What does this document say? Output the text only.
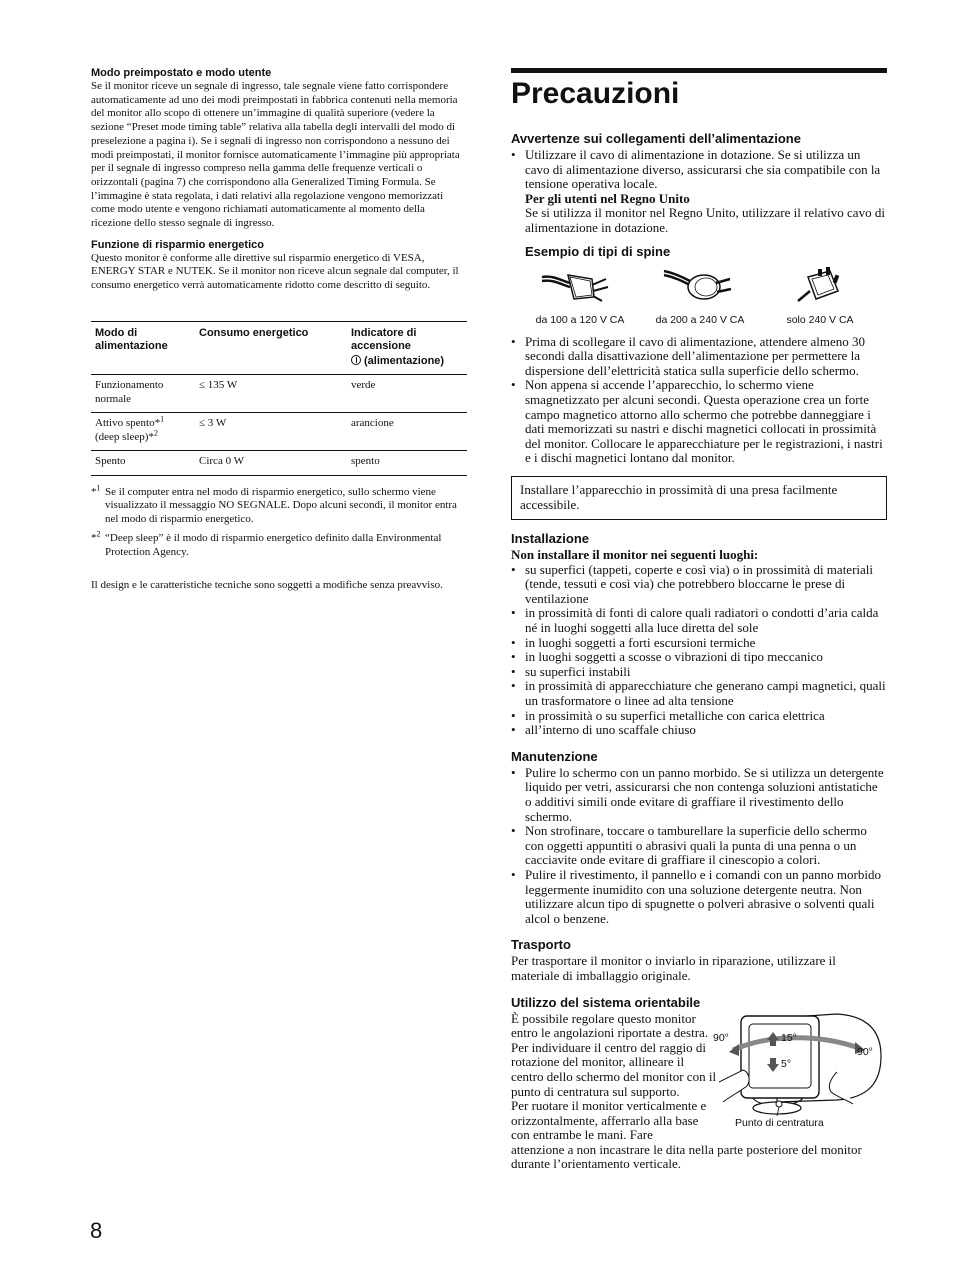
Modo preimpostato e modo utente

Se il monitor riceve un segnale di ingresso, tale segnale viene fatto corrispondere automaticamente ad uno dei modi preimpostati in fabbrica contenuti nella memoria del monitor allo scopo di ottenere un’immagine di qualità superiore (vedere la sezione “Preset mode timing table” relativa alla tabella degli intervalli del modo di preselezione a pagina i). Se i segnali di ingresso non corrispondono a nessuno dei modi preimpostati, il monitor fornisce automaticamente l’immagine più appropriata per il segnale di ingresso compreso nella gamma delle frequenze verticali o orizzontali (pagina 7) che corrispondono alla Generalized Timing Formula. Se l’immagine è stata regolata, i dati relativi alla regolazione vengono memorizzati come modo utente e vengono richiamati automaticamente al momento della ricezione dello stesso segnale di ingresso.

Funzione di risparmio energetico

Questo monitor è conforme alle direttive sul risparmio energetico di VESA, ENERGY STAR e NUTEK. Se il monitor non riceve alcun segnale dal computer, il consumo energetico verrà automaticamente ridotto come descritto di seguito.

Modo di alimentazione	Consumo energetico	Indicatore di accensione

(alimentazione)
Funzionamento normale	≤ 135 W	verde
Attivo spento*$^1$
(deep sleep)*$^2$	≤ 3 W	arancione
Spento	Circa 0 W	spento
*$^1$ Se il computer entra nel modo di risparmio energetico, sullo schermo viene visualizzato il messaggio NO SEGNALE. Dopo alcuni secondi, il monitor entra nel modo di risparmio energetico.
*$^2$ “Deep sleep” è il modo di risparmio energetico definito dalla Environmental Protection Agency.

Il design e le caratteristiche tecniche sono soggetti a modifiche senza preavviso.

Precauzioni
Avvertenze sui collegamenti dell’alimentazione
• Utilizzare il cavo di alimentazione in dotazione. Se si utilizza un cavo di alimentazione diverso, assicurarsi che sia compatibile con la tensione operativa locale.
Per gli utenti nel Regno Unito
Se si utilizza il monitor nel Regno Unito, utilizzare il relativo cavo di alimentazione in dotazione.
Esempio di tipi di spine
da 100 a 120 V CA	da 200 a 240 V CA	solo 240 V CA
• Prima di scollegare il cavo di alimentazione, attendere almeno 30 secondi dalla disattivazione dell’alimentazione per permettere la dispersione dell’elettricità statica sulla superficie dello schermo.
• Non appena si accende l’apparecchio, lo schermo viene smagnetizzato per alcuni secondi. Questa operazione crea un forte campo magnetico attorno allo schermo che potrebbe danneggiare i dati memorizzati su nastri e dischi magnetici collocati in prossimità del monitor. Collocare le apparecchiature per le registrazioni, i nastri e i dischi magnetici lontano dal monitor.
Installare l’apparecchio in prossimità di una presa facilmente accessibile.
Installazione
Non installare il monitor nei seguenti luoghi:
• su superfici (tappeti, coperte e così via) o in prossimità di materiali (tende, tessuti e così via) che potrebbero bloccarne le prese di ventilazione
• in prossimità di fonti di calore quali radiatori o condotti d’aria calda né in luoghi soggetti alla luce diretta del sole
• in luoghi soggetti a forti escursioni termiche
• in luoghi soggetti a scosse o vibrazioni di tipo meccanico
• su superfici instabili
• in prossimità di apparecchiature che generano campi magnetici, quali un trasformatore o linee ad alta tensione
• in prossimità o su superfici metalliche con carica elettrica
• all’interno di uno scaffale chiuso
Manutenzione
• Pulire lo schermo con un panno morbido. Se si utilizza un detergente liquido per vetri, assicurarsi che non contenga soluzioni antistatiche o additivi simili onde evitare di graffiare il rivestimento dello schermo.
• Non strofinare, toccare o tamburellare la superficie dello schermo con oggetti appuntiti o abrasivi quali la punta di una penna o un cacciavite onde evitare di graffiare il cinescopio a colori.
• Pulire il rivestimento, il pannello e i comandi con un panno morbido leggermente inumidito con una soluzione detergente neutra. Non utilizzare alcun tipo di spugnette o polveri abrasive o solventi quali alcol o benzene.
Trasporto

Per trasportare il monitor o inviarlo in riparazione, utilizzare il materiale di imballaggio originale.

Utilizzo del sistema orientabile

È possibile regolare questo monitor entro le angolazioni riportate a destra. Per individuare il centro del raggio di rotazione del monitor, allineare il centro dello schermo del monitor con il punto di centratura sul supporto.

Per ruotare il monitor verticalmente e orizzontalmente, afferrarlo alla base con entrambe le mani. Fare

90°	15°
5°
90°
Punto di centratura

attenzione a non incastrare le dita nella parte posteriore del monitor durante l’orientamento verticale.

8
